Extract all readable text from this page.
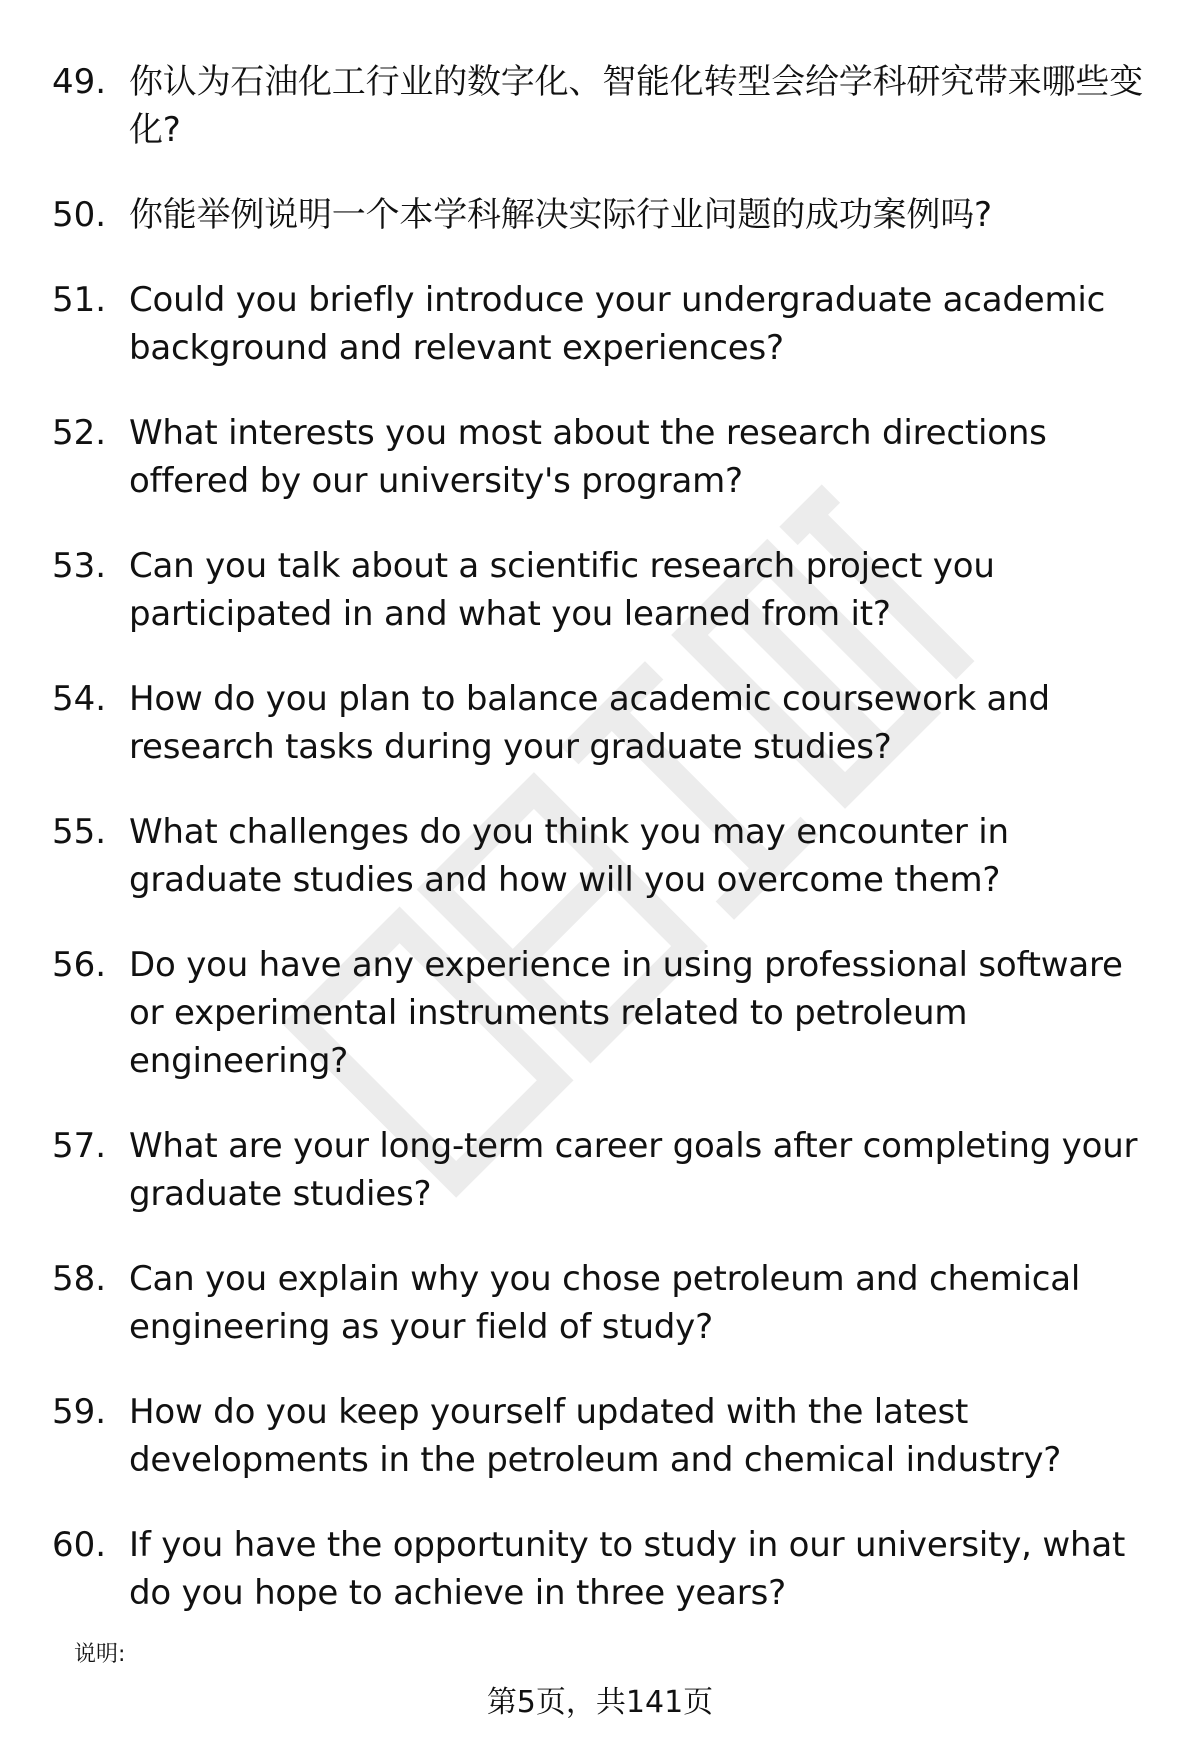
49. 你认为石油化工行业的数字化、智能化转型会给学科研究带来哪些变化?
50. 你能举例说明一个本学科解决实际行业问题的成功案例吗?
51. Could you briefly introduce your undergraduate academic background and relevant experiences?
52. What interests you most about the research directions offered by our university's program?
53. Can you talk about a scientific research project you participated in and what you learned from it?
54. How do you plan to balance academic coursework and research tasks during your graduate studies?
55. What challenges do you think you may encounter in graduate studies and how will you overcome them?
56. Do you have any experience in using professional software or experimental instruments related to petroleum engineering?
57. What are your long-term career goals after completing your graduate studies?
58. Can you explain why you chose petroleum and chemical engineering as your field of study?
59. How do you keep yourself updated with the latest developments in the petroleum and chemical industry?
60. If you have the opportunity to study in our university, what do you hope to achieve in three years?
说明:
第5页，共141页
